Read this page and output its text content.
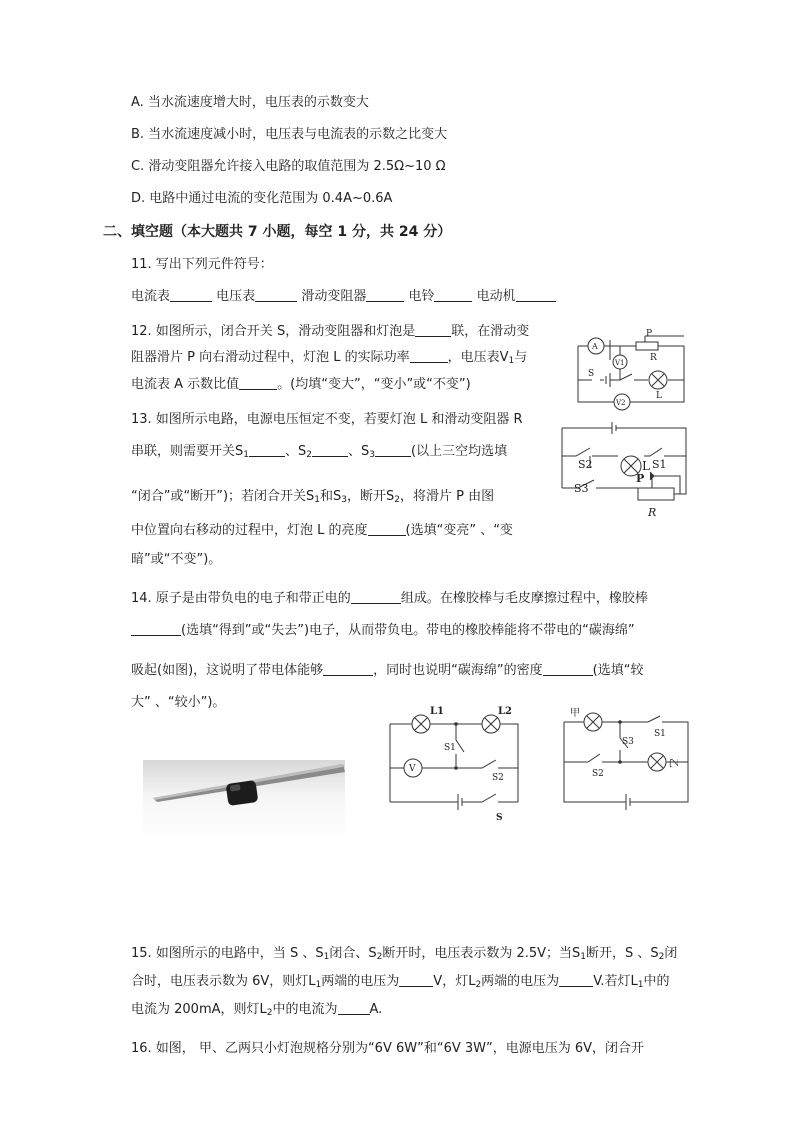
A. 当水流速度增大时，电压表的示数变大
B. 当水流速度减小时，电压表与电流表的示数之比变大
C. 滑动变阻器允许接入电路的取值范围为 2.5Ω~10 Ω
D. 电路中通过电流的变化范围为 0.4A~0.6A
二、填空题（本大题共 7 小题，每空 1 分，共 24 分）
11. 写出下列元件符号：
电流表	电压表	滑动变阻器	电铃	电动机
12. 如图所示，闭合开关 S，滑动变阻器和灯泡是	联，在滑动变
阻器滑片 P 向右滑动过程中，灯泡 L 的实际功率	，电压表$V_1$与
电流表 A 示数比值	。(均填“变大”，“变小”或“不变”)
A
V1
P
R
S
L
V2
13. 如图所示电路，电源电压恒定不变，若要灯泡 L 和滑动变阻器 R
串联，则需要开关$S_1$	、$S_2$	、$S_3$	(以上三空均选填
“闭合”或“断开”)；若闭合开关$S_1$和$S_3$，断开$S_2$，将滑片 P 由图
中位置向右移动的过程中，灯泡 L 的亮度	(选填“变亮” 、“变
暗”或“不变”)。
S2	S1
S3
L
P
R
14. 原子是由带负电的电子和带正电的	组成。在橡胶棒与毛皮摩擦过程中，橡胶棒
(选填“得到”或“失去”)电子，从而带负电。带电的橡胶棒能将不带电的“碳海绵”
吸起(如图)，这说明了带电体能够	，同时也说明“碳海绵”的密度	(选填“较
大” 、“较小”)。
L1	L2
S1
V
S2
S
甲
S3
S1
S2
乙
15. 如图所示的电路中，当 S 、$S_1$闭合、$S_2$断开时，电压表示数为 2.5V；当$S_1$断开，S 、$S_2$闭
合时，电压表示数为 6V，则灯$L_1$两端的电压为	V，灯$L_2$两端的电压为	V.若灯$L_1$中的
电流为 200mA，则灯$L_2$中的电流为 A.
16. 如图， 甲、乙两只小灯泡规格分别为“6V 6W”和“6V 3W”，电源电压为 6V，闭合开
